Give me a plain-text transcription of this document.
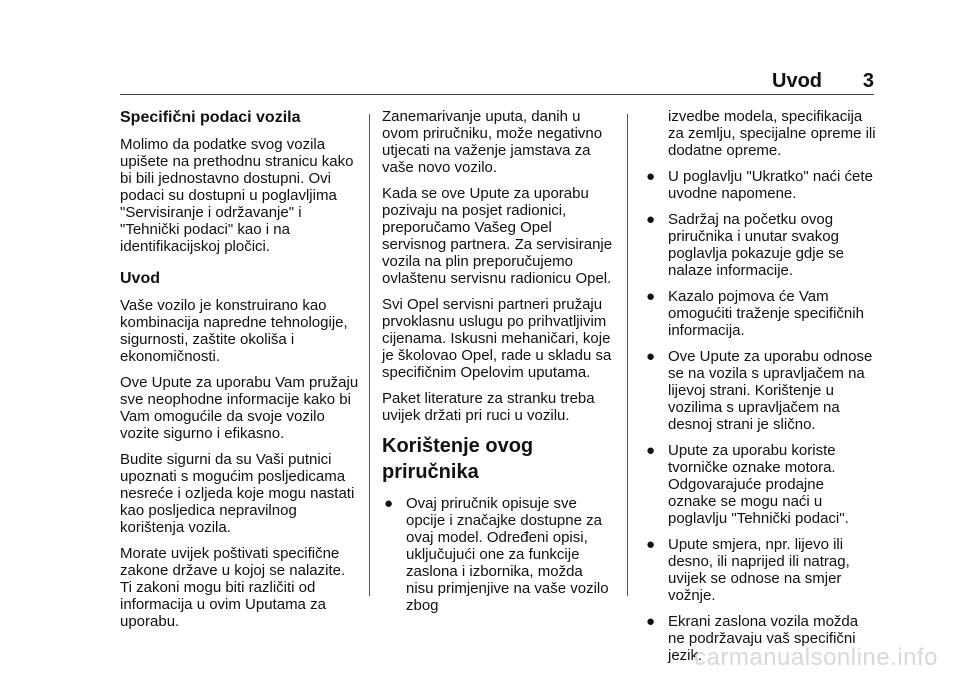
Uvod 3
Specifični podaci vozila

Molimo da podatke svog vozila upišete na prethodnu stranicu kako bi bili jednostavno dostupni. Ovi podaci su dostupni u poglavljima "Servisiranje i održavanje" i "Tehnički podaci" kao i na identifikacijskoj pločici.

Uvod

Vaše vozilo je konstruirano kao kombinacija napredne tehnologije, sigurnosti, zaštite okoliša i ekonomičnosti.

Ove Upute za uporabu Vam pružaju sve neophodne informacije kako bi Vam omogućile da svoje vozilo vozite sigurno i efikasno.

Budite sigurni da su Vaši putnici upoznati s mogućim posljedicama nesreće i ozljeda koje mogu nastati kao posljedica nepravilnog korištenja vozila.

Morate uvijek poštivati specifične zakone države u kojoj se nalazite. Ti zakoni mogu biti različiti od informacija u ovim Uputama za uporabu.

Zanemarivanje uputa, danih u ovom priručniku, može negativno utjecati na važenje jamstava za vaše novo vozilo.

Kada se ove Upute za uporabu pozivaju na posjet radionici, preporučamo Vašeg Opel servisnog partnera. Za servisiranje vozila na plin preporučujemo ovlaštenu servisnu radionicu Opel.

Svi Opel servisni partneri pružaju prvoklasnu uslugu po prihvatljivim cijenama. Iskusni mehaničari, koje je školovao Opel, rade u skladu sa specifičnim Opelovim uputama.

Paket literature za stranku treba uvijek držati pri ruci u vozilu.

Korištenje ovog priručnika
● Ovaj priručnik opisuje sve opcije i značajke dostupne za ovaj model. Određeni opisi, uključujući one za funkcije zaslona i izbornika, možda nisu primjenjive na vaše vozilo zbog

izvedbe modela, specifikacija za zemlju, specijalne opreme ili dodatne opreme.

● U poglavlju "Ukratko" naći ćete uvodne napomene.
● Sadržaj na početku ovog priručnika i unutar svakog poglavlja pokazuje gdje se nalaze informacije.
● Kazalo pojmova će Vam omogućiti traženje specifičnih informacija.
● Ove Upute za uporabu odnose se na vozila s upravljačem na lijevoj strani. Korištenje u vozilima s upravljačem na desnoj strani je slično.
● Upute za uporabu koriste tvorničke oznake motora. Odgovarajuće prodajne oznake se mogu naći u poglavlju "Tehnički podaci".
● Upute smjera, npr. lijevo ili desno, ili naprijed ili natrag, uvijek se odnose na smjer vožnje.
● Ekrani zaslona vozila možda ne podržavaju vaš specifični jezik.
carmanualsonline.info
